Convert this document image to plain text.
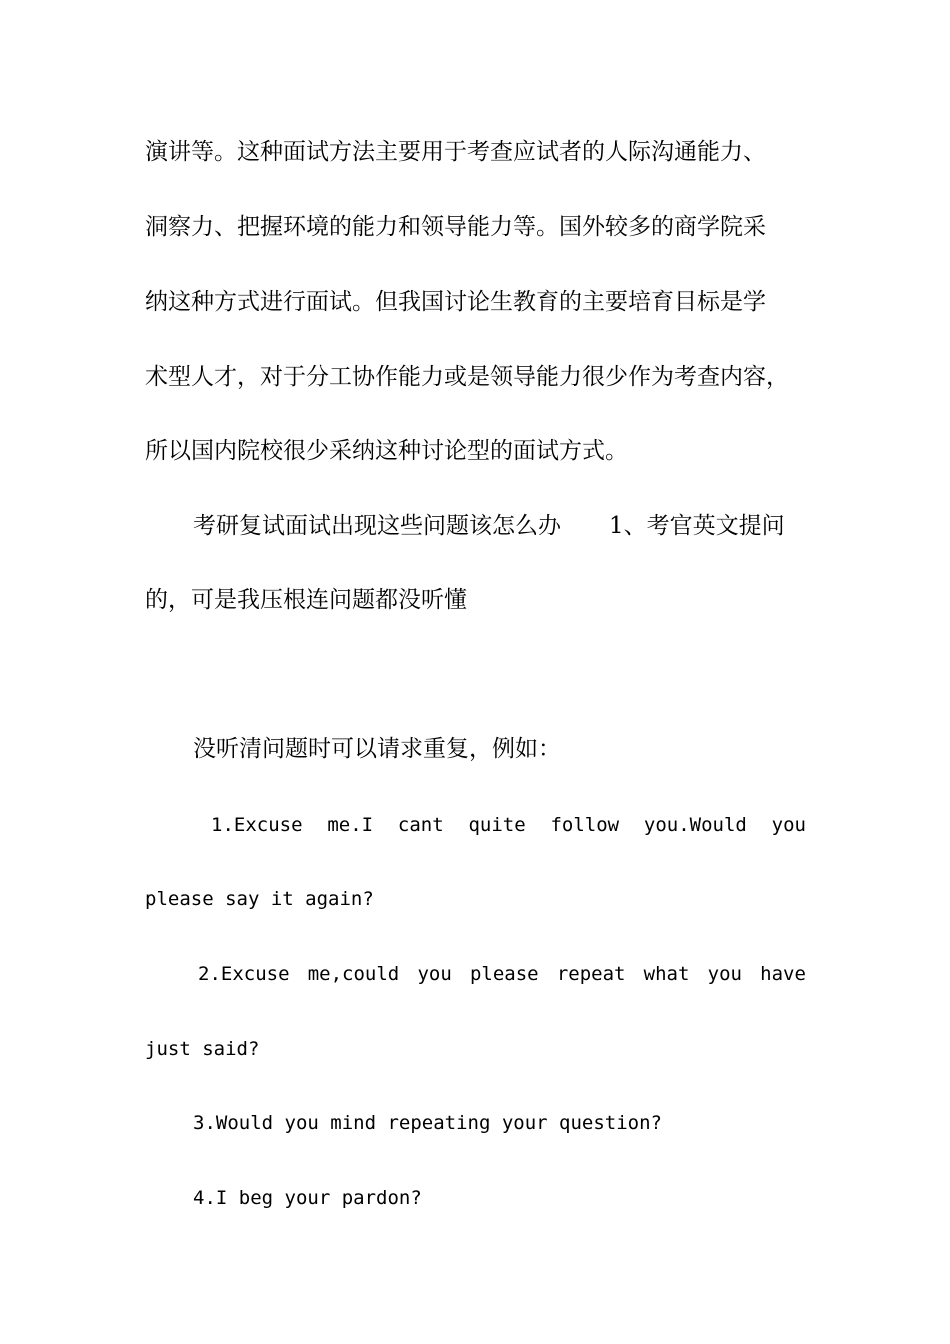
演讲等。这种面试方法主要用于考查应试者的人际沟通能力、
洞察力、把握环境的能力和领导能力等。国外较多的商学院采
纳这种方式进行面试。但我国讨论生教育的主要培育目标是学
术型人才，对于分工协作能力或是领导能力很少作为考查内容，
所以国内院校很少采纳这种讨论型的面试方式。
考研复试面试出现这些问题该怎么办 1、考官英文提问
的，可是我压根连问题都没听懂
没听清问题时可以请求重复，例如：
1.Excuse me.I cant quite follow you.Would you
please say it again?
2.Excuse me,could you please repeat what you have
just said?
3.Would you mind repeating your question?
4.I beg your pardon?
